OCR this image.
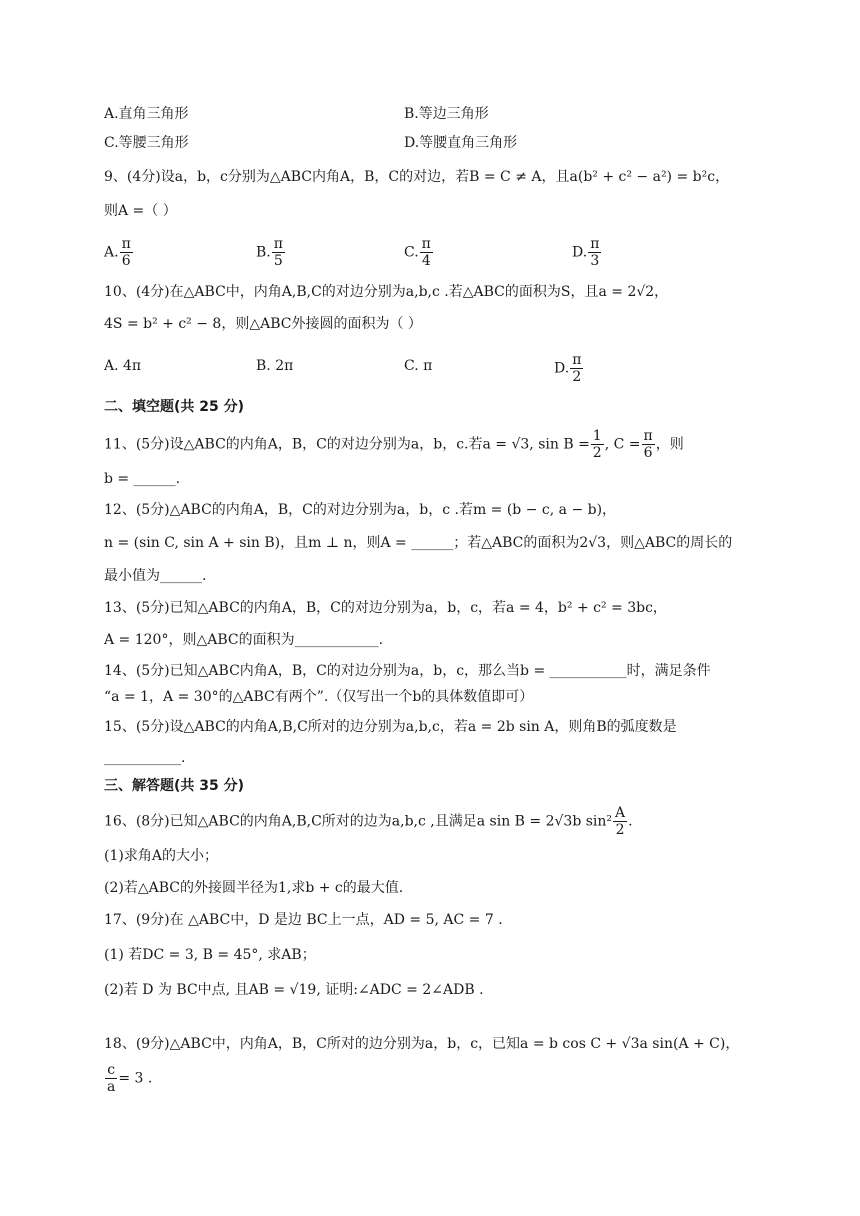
A.直角三角形	B.等边三角形
C.等腰三角形	D.等腰直角三角形
9、(4分)设a，b，c分别为△ABC内角A，B，C的对边，若B = C ≠ A，且a(b² + c² − a²) = b²c，
则A =（ ）
A. $\frac{\pi}{6}$	B. $\frac{\pi}{5}$	C. $\frac{\pi}{4}$	D. $\frac{\pi}{3}$
10、(4分)在△ABC中，内角A,B,C的对边分别为a,b,c .若△ABC的面积为S，且a = 2√2，
4S = b² + c² − 8，则△ABC外接圆的面积为（ ）
A. 4π	B. 2π	C. π	D. $\frac{\pi}{2}$
二、填空题(共 25 分)
11、(5分)设△ABC的内角A，B，C的对边分别为a，b，c.若a = √3, $\sin B = \frac{1}{2}$ , $C = \frac{\pi}{6}$ ，则
b = ______.
12、(5分)△ABC的内角A，B，C的对边分别为a，b，c .若m = (b − c, a − b)，
n = (sin C, sin A + sin B)，且m ⊥ n，则A = ______；若△ABC的面积为2√3，则△ABC的周长的
最小值为______.
13、(5分)已知△ABC的内角A，B，C的对边分别为a，b，c，若a = 4，b² + c² = 3bc，
A = 120°，则△ABC的面积为____________.
14、(5分)已知△ABC内角A，B，C的对边分别为a，b，c，那么当b = ___________时，满足条件
“a = 1，A = 30°的△ABC有两个”.（仅写出一个b的具体数值即可）
15、(5分)设△ABC的内角A,B,C所对的边分别为a,b,c，若a = 2b sin A，则角B的弧度数是
___________.
三、解答题(共 35 分)
16、(8分)已知△ABC的内角A,B,C所对的边为a,b,c ,且满足a sin B = 2√3b $\sin^2 \frac{A}{2}$ .
(1)求角A的大小；
(2)若△ABC的外接圆半径为1,求b + c的最大值.
17、(9分)在 △ABC中，D 是边 BC上一点，AD = 5, AC = 7 .
(1) 若DC = 3, B = 45°, 求AB；
(2)若 D 为 BC中点, 且AB = √19, 证明:∠ADC = 2∠ADB .
18、(9分)△ABC中，内角A，B，C所对的边分别为a，b，c，已知a = b cos C + √3a sin(A + C)，
$\frac{c}{a} = 3$ .
